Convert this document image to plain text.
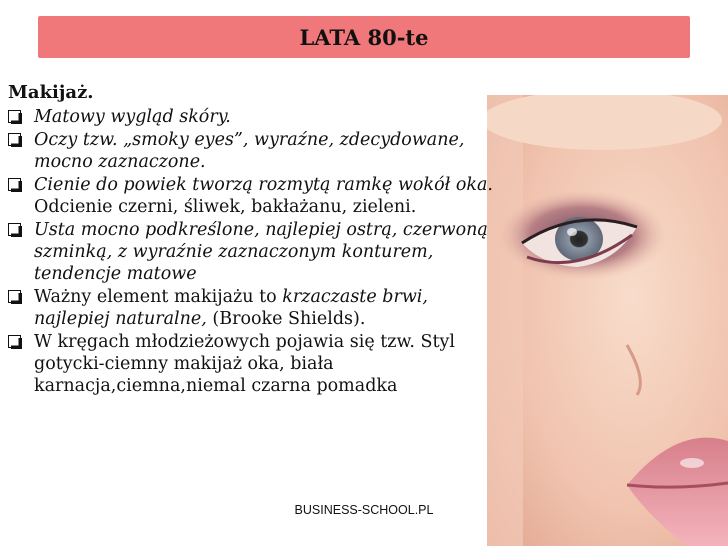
LATA 80-te
Makijaż.
Matowy wygląd skóry.
Oczy tzw. „smoky eyes”, wyraźne, zdecydowane, mocno zaznaczone.
Cienie do powiek tworzą rozmytą ramkę wokół oka. Odcienie czerni, śliwek, bakłażanu, zieleni.
Usta mocno podkreślone, najlepiej ostrą, czerwoną szminką, z wyraźnie zaznaczonym konturem, tendencje matowe
Ważny element makijażu to krzaczaste brwi, najlepiej naturalne, (Brooke Shields).
W kręgach młodzieżowych pojawia się tzw. Styl gotycki-ciemny makijaż oka, biała karnacja,ciemna,niemal czarna pomadka
BUSINESS-SCHOOL.PL
